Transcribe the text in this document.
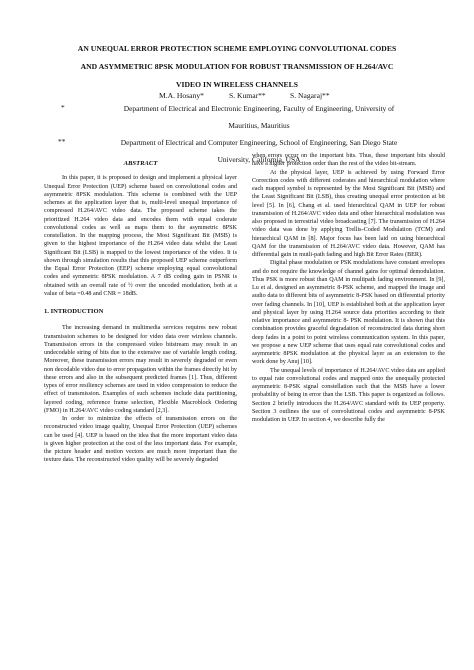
AN UNEQUAL ERROR PROTECTION SCHEME EMPLOYING CONVOLUTIONAL CODES
AND ASYMMETRIC 8PSK MODULATION FOR ROBUST TRANSMISSION OF H.264/AVC
VIDEO IN WIRELESS CHANNELS
M.A. Hosany*	S. Kumar**	S. Nagaraj**
*	Department of Electrical and Electronic Engineering, Faculty of Engineering, University of
Mauritius, Mauritius
**	Department of Electrical and Computer Engineering, School of Engineering, San Diego State
University, California, USA

ABSTRACT

In this paper, it is proposed to design and implement a physical layer Unequal Error Protection (UEP) scheme based on convolutional codes and asymmetric 8PSK modulation. This scheme is combined with the UEP schemes at the application layer that is, multi-level unequal importance of compressed H.264/AVC video data. The proposed scheme takes the prioritized H.264 video data and encodes them with equal coderate convolutional codes as well as maps them to the asymmetric 8PSK constellation. In the mapping process, the Most Significant Bit (MSB) is given to the highest importance of the H.264 video data whilst the Least Significant Bit (LSB) is mapped to the lowest importance of the video. It is shown through simulation results that this proposed UEP scheme outperform the Equal Error Protection (EEP) scheme employing equal convolutional codes and symmetric 8PSK modulation. A 7 dB coding gain in PSNR is obtained with an overall rate of ½ over the uncoded modulation, both at a value of beta =0.48 and CNR = 18dB.

1. INTRODUCTION

The increasing demand in multimedia services requires new robust transmission schemes to be designed for video data over wireless channels. Transmission errors in the compressed video bitstream may result in an undecodable string of bits due to the extensive use of variable length coding. Moreover, these transmission errors may result in severely degraded or even non decodable video due to error propagation within the frames directly hit by these errors and also in the subsequent predicted frames [1]. Thus, different types of error resiliency schemes are used in video compression to reduce the effect of transmission. Examples of such schemes include data partitioning, layered coding, reference frame selection, Flexible Macroblock Ordering (FMO) in H.264/AVC video coding standard [2,3].

In order to minimize the effects of transmission errors on the reconstructed video image quality, Unequal Error Protection (UEP) schemes can be used [4]. UEP is based on the idea that the more important video data is given higher protection at the cost of the less important data. For example, the picture header and motion vectors are much more important than the texture data. The reconstructed video quality will be severely degraded

when errors occur on the important bits. Thus, these important bits should have a higher protection order than the rest of the video bit-stream.

At the physical layer, UEP is achieved by using Forward Error Correction codes with different coderates and hierarchical modulation where each mapped symbol is represented by the Most Significant Bit (MSB) and the Least Significant Bit (LSB), thus creating unequal error protection at bit level [5]. In [6], Chang et al. used hierarchical QAM in UEP for robust transmission of H.264/AVC video data and other hierarchical modulation was also proposed in terrestrial video broadcasting [7]. The transmission of H.264 video data was done by applying Trellis-Coded Modulation (TCM) and hierarchical QAM in [8]. Major focus has been laid on using hierarchical QAM for the transmission of H.264/AVC video data. However, QAM has differential gain in mutli-path fading and high Bit Error Rates (BER).

Digital phase modulation or PSK modulations have constant envelopes and do not require the knowledge of channel gains for optimal demodulation. Thus PSK is more robust than QAM in multipath fading environment. In [9], Lu et al. designed an asymmetric 8-PSK scheme, and mapped the image and audio data to different bits of asymmetric 8-PSK based on differential priority over fading channels. In [10], UEP is established both at the application layer and physical layer by using H.264 source data priorities according to their relative importance and asymmetric 8- PSK modulation. It is shown that this combination provides graceful degradation of reconstructed data during short deep fades in a point to point wireless communication system. In this paper, we propose a new UEP scheme that uses equal rate convolutional codes and asymmetric 8PSK modulation at the physical layer as an extension to the work done by Anuj [10].

The unequal levels of importance of H.264/AVC video data are applied to equal rate convolutional codes and mapped onto the unequally protected asymmetric 8-PSK signal constellation such that the MSB have a lower probability of being in error than the LSB. This paper is organized as follows. Section 2 briefly introduces the H.264/AVC standard with its UEP property. Section 3 outlines the use of convolutional codes and asymmetric 8-PSK modulation in UEP. In section 4, we describe fully the
